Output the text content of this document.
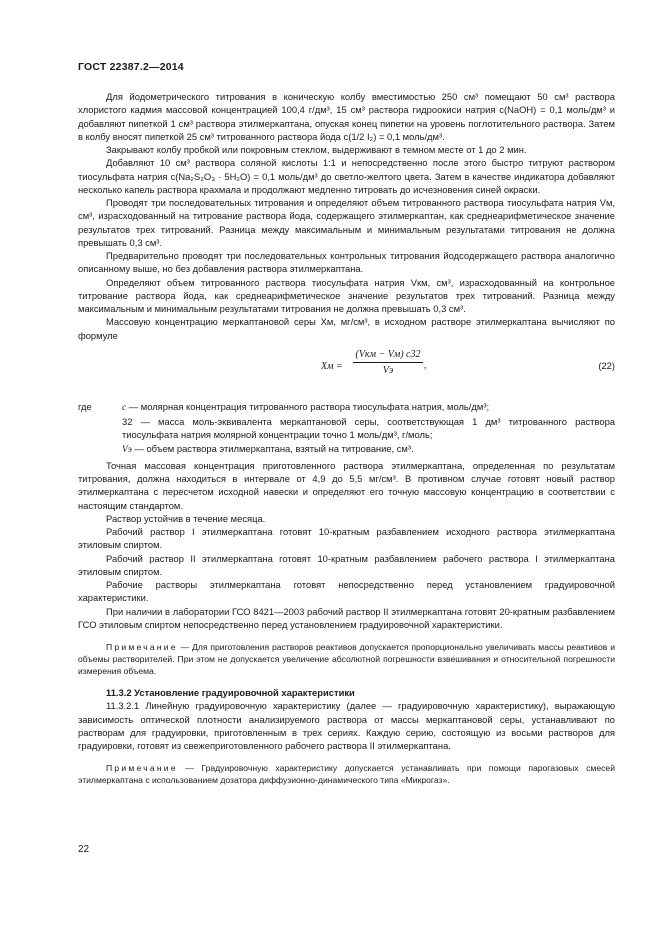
ГОСТ 22387.2—2014

Для йодометрического титрования в коническую колбу вместимостью 250 см³ помещают 50 см³ раствора хлористого кадмия массовой концентрацией 100,4 г/дм³, 15 см³ раствора гидроокиси натрия c(NaOH) = 0,1 моль/дм³ и добавляют пипеткой 1 см³ раствора этилмеркаптана, опуская конец пипетки на уровень поглотительного раствора. Затем в колбу вносят пипеткой 25 см³ титрованного раствора йода c(1/2 I₂) = 0,1 моль/дм³.

Закрывают колбу пробкой или покровным стеклом, выдерживают в темном месте от 1 до 2 мин.

Добавляют 10 см³ раствора соляной кислоты 1:1 и непосредственно после этого быстро титруют раствором тиосульфата натрия c(Na₂S₂O₃ · 5H₂O) = 0,1 моль/дм³ до светло-желтого цвета. Затем в качестве индикатора добавляют несколько капель раствора крахмала и продолжают медленно титровать до исчезновения синей окраски.

Проводят три последовательных титрования и определяют объем титрованного раствора тиосульфата натрия Vм, см³, израсходованный на титрование раствора йода, содержащего этилмеркаптан, как среднеарифметическое значение результатов трех титрований. Разница между максимальным и минимальным результатами титрования не должна превышать 0,3 см³.

Предварительно проводят три последовательных контрольных титрования йодсодержащего раствора аналогично описанному выше, но без добавления раствора этилмеркаптана.

Определяют объем титрованного раствора тиосульфата натрия Vкм, см³, израсходованный на контрольное титрование раствора йода, как среднеарифметическое значение результатов трех титрований. Разница между максимальным и минимальным результатами титрования не должна превышать 0,3 см³.

Массовую концентрацию меркаптановой серы Xм, мг/см³, в исходном растворе этилмеркаптана вычисляют по формуле

Xм =
(Vкм − Vм) c32
Vэ	,	(22)
где	c — молярная концентрация титрованного раствора тиосульфата натрия, моль/дм³;
32 — масса моль-эквивалента меркаптановой серы, соответствующая 1 дм³ титрованного раствора тиосульфата натрия молярной концентрации точно 1 моль/дм³, г/моль;
Vэ — объем раствора этилмеркаптана, взятый на титрование, см³.

Точная массовая концентрация приготовленного раствора этилмеркаптана, определенная по результатам титрования, должна находиться в интервале от 4,9 до 5,5 мг/см³. В противном случае готовят новый раствор этилмеркаптана с пересчетом исходной навески и определяют его точную массовую концентрацию в соответствии с настоящим стандартом.

Раствор устойчив в течение месяца.

Рабочий раствор I этилмеркаптана готовят 10-кратным разбавлением исходного раствора этилмеркаптана этиловым спиртом.

Рабочий раствор II этилмеркаптана готовят 10-кратным разбавлением рабочего раствора I этилмеркаптана этиловым спиртом.

Рабочие растворы этилмеркаптана готовят непосредственно перед установлением градуировочной характеристики.

При наличии в лаборатории ГСО 8421—2003 рабочий раствор II этилмеркаптана готовят 20-кратным разбавлением ГСО этиловым спиртом непосредственно перед установлением градуировочной характеристики.

Примечание — Для приготовления растворов реактивов допускается пропорционально увеличивать массы реактивов и объемы растворителей. При этом не допускается увеличение абсолютной погрешности взвешивания и относительной погрешности измерения объема.

11.3.2 Установление градуировочной характеристики

11.3.2.1 Линейную градуировочную характеристику (далее — градуировочную характеристику), выражающую зависимость оптической плотности анализируемого раствора от массы меркаптановой серы, устанавливают по растворам для градуировки, приготовленным в трех сериях. Каждую серию, состоящую из восьми растворов для градуировки, готовят из свежеприготовленного рабочего раствора II этилмеркаптана.

Примечание — Градуировочную характеристику допускается устанавливать при помощи парогазовых смесей этилмеркаптана с использованием дозатора диффузионно-динамического типа «Микрогаз».

22
